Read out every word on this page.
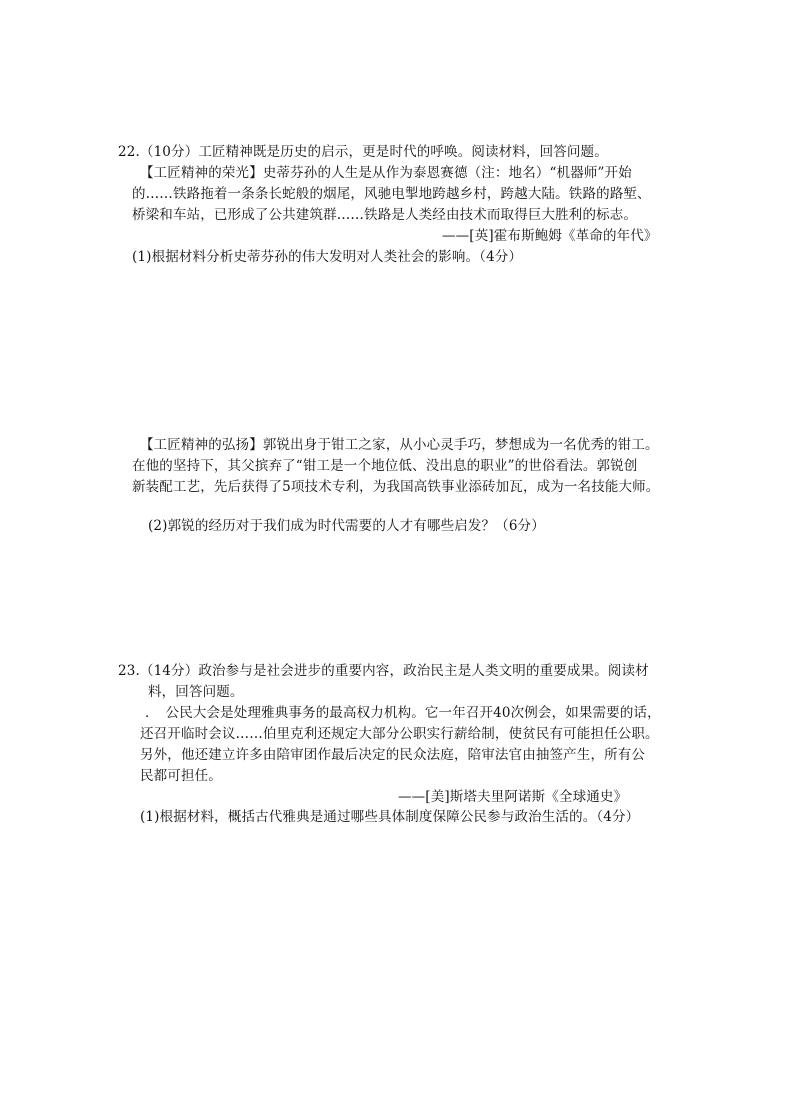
22.（10分）工匠精神既是历史的启示，更是时代的呼唤。阅读材料，回答问题。
【工匠精神的荣光】史蒂芬孙的人生是从作为泰恩赛德（注：地名）“机器师”开始
的……铁路拖着一条条长蛇般的烟尾，风驰电掣地跨越乡村，跨越大陆。铁路的路堑、
桥梁和车站，已形成了公共建筑群……铁路是人类经由技术而取得巨大胜利的标志。
——[英]霍布斯鲍姆《革命的年代》
(1)根据材料分析史蒂芬孙的伟大发明对人类社会的影响。（4分）
【工匠精神的弘扬】郭锐出身于钳工之家，从小心灵手巧，梦想成为一名优秀的钳工。
在他的坚持下，其父摈弃了“钳工是一个地位低、没出息的职业”的世俗看法。郭锐创
新装配工艺，先后获得了5项技术专利，为我国高铁事业添砖加瓦，成为一名技能大师。
(2)郭锐的经历对于我们成为时代需要的人才有哪些启发？（6分）
23.（14分）政治参与是社会进步的重要内容，政治民主是人类文明的重要成果。阅读材
料，回答问题。
．　公民大会是处理雅典事务的最高权力机构。它一年召开40次例会，如果需要的话，
还召开临时会议……伯里克利还规定大部分公职实行薪给制，使贫民有可能担任公职。
另外，他还建立许多由陪审团作最后决定的民众法庭，陪审法官由抽签产生，所有公
民都可担任。
——[美]斯塔夫里阿诺斯《全球通史》
(1)根据材料，概括古代雅典是通过哪些具体制度保障公民参与政治生活的。（4分）
